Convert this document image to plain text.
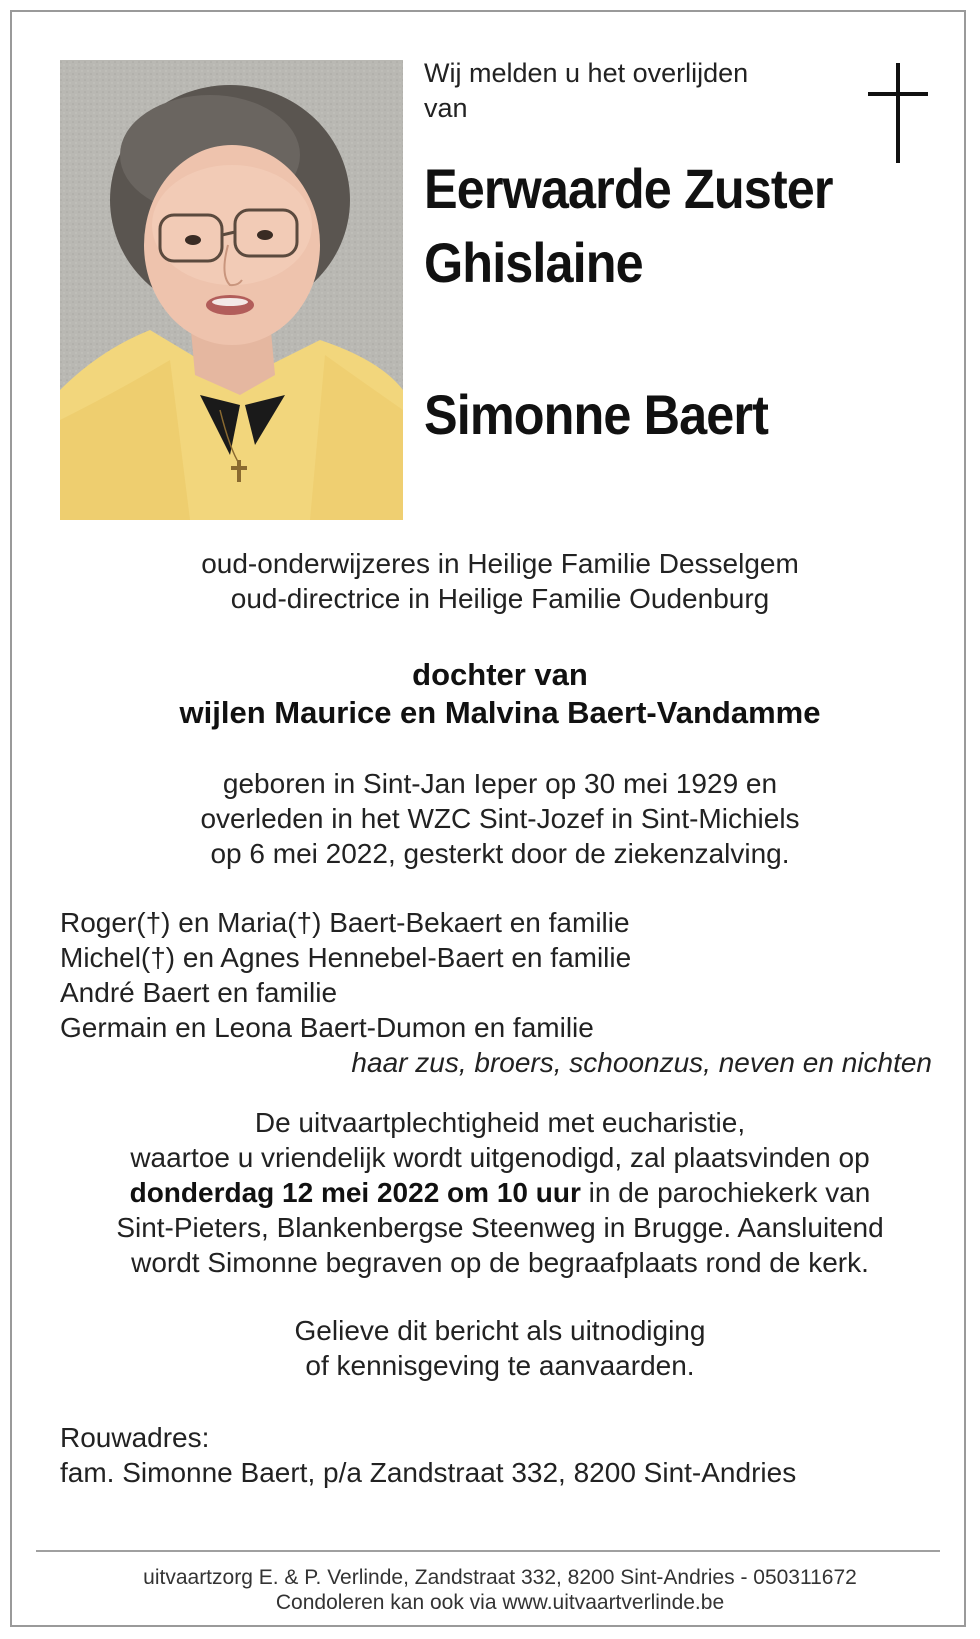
Wij melden u het overlijden
van
Eerwaarde Zuster
Ghislaine
Simonne Baert
oud-onderwijzeres in Heilige Familie Desselgem
oud-directrice in Heilige Familie Oudenburg
dochter van
wijlen Maurice en Malvina Baert-Vandamme
geboren in Sint-Jan Ieper op 30 mei 1929 en
overleden in het WZC Sint-Jozef in Sint-Michiels
op 6 mei 2022, gesterkt door de ziekenzalving.
Roger(†) en Maria(†) Baert-Bekaert en familie
Michel(†) en Agnes Hennebel-Baert en familie
André Baert en familie
Germain en Leona Baert-Dumon en familie
haar zus, broers, schoonzus, neven en nichten
De uitvaartplechtigheid met eucharistie,
waartoe u vriendelijk wordt uitgenodigd, zal plaatsvinden op
donderdag 12 mei 2022 om 10 uur in de parochiekerk van
Sint-Pieters, Blankenbergse Steenweg in Brugge. Aansluitend
wordt Simonne begraven op de begraafplaats rond de kerk.
Gelieve dit bericht als uitnodiging
of kennisgeving te aanvaarden.
Rouwadres:
fam. Simonne Baert, p/a Zandstraat 332, 8200 Sint-Andries
uitvaartzorg E. & P. Verlinde, Zandstraat 332, 8200 Sint-Andries - 050311672
Condoleren kan ook via www.uitvaartverlinde.be
